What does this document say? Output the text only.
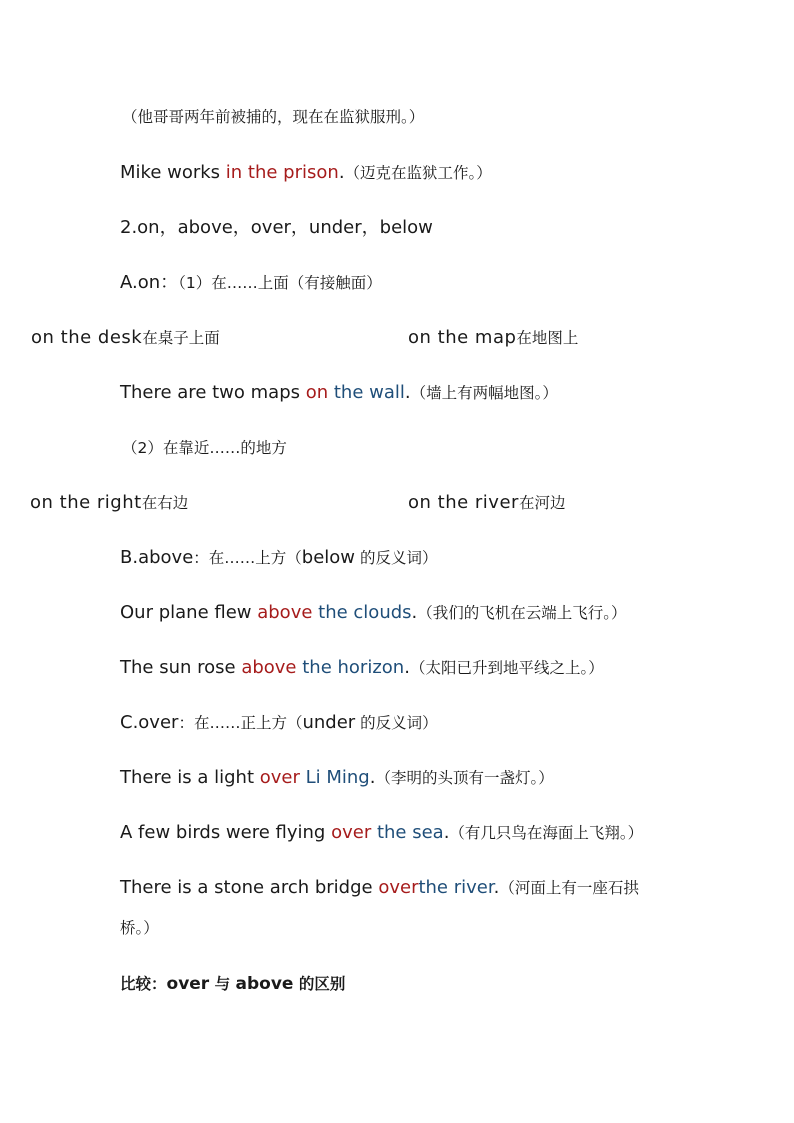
（他哥哥两年前被捕的，现在在监狱服刑。）
Mike works in the prison.（迈克在监狱工作。）
2.on，above，over，under，below
A.on：（1）在……上面（有接触面）
on the desk在桌子上面	on the map在地图上
There are two maps on the wall.（墙上有两幅地图。）
（2）在靠近……的地方
on the right在右边	on the river在河边
B.above：在……上方（below 的反义词）
Our plane flew above the clouds.（我们的飞机在云端上飞行。）
The sun rose above the horizon.（太阳已升到地平线之上。）
C.over：在……正上方（under 的反义词）
There is a light over Li Ming.（李明的头顶有一盏灯。）
A few birds were flying over the sea.（有几只鸟在海面上飞翔。）
There is a stone arch bridge overthe river.（河面上有一座石拱
桥。）
比较：over 与 above 的区别
